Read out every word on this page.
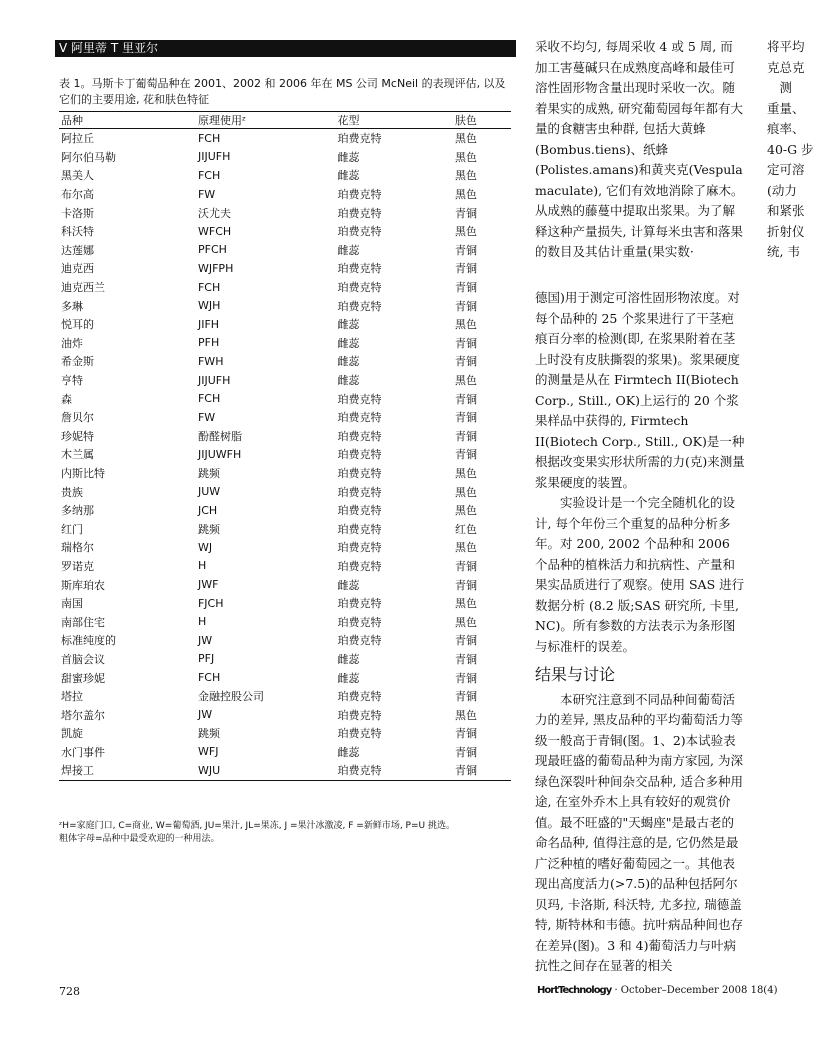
V 阿里蒂 T 里亚尔
表 1。马斯卡丁葡萄品种在 2001、2002 和 2006 年在 MS 公司 McNeil 的表现评估, 以及它们的主要用途, 花和肤色特征
品种	原理使用ᶻ	花型	肤色
阿拉丘	FCH	珀费克特	黑色
阿尔伯马勒	JIJUFH	雌蕊	黑色
黑美人	FCH	雌蕊	黑色
布尔高	FW	珀费克特	黑色
卡洛斯	沃尤夫	珀费克特	青铜
科沃特	WFCH	珀费克特	黑色
达莲娜	PFCH	雌蕊	青铜
迪克西	WJFPH	珀费克特	青铜
迪克西兰	FCH	珀费克特	青铜
多琳	WJH	珀费克特	青铜
悦耳的	JIFH	雌蕊	黑色
油炸	PFH	雌蕊	青铜
希金斯	FWH	雌蕊	青铜
亨特	JIJUFH	雌蕊	黑色
森	FCH	珀费克特	青铜
詹贝尔	FW	珀费克特	青铜
珍妮特	酚醛树脂	珀费克特	青铜
木兰属	JIJUWFH	珀费克特	青铜
内斯比特	跳频	珀费克特	黑色
贵族	JUW	珀费克特	黑色
多纳那	JCH	珀费克特	黑色
红门	跳频	珀费克特	红色
瑞格尔	WJ	珀费克特	黑色
罗诺克	H	珀费克特	青铜
斯库珀农	JWF	雌蕊	青铜
南国	FJCH	珀费克特	黑色
南部住宅	H	珀费克特	黑色
标准纯度的	JW	珀费克特	青铜
首脑会议	PFJ	雌蕊	青铜
甜蜜珍妮	FCH	雌蕊	青铜
塔拉	金融控股公司	珀费克特	青铜
塔尔盖尔	JW	珀费克特	黑色
凯旋	跳频	珀费克特	青铜
水门事件	WFJ	雌蕊	青铜
焊接工	WJU	珀费克特	青铜
ᶻH=家庭门口, C=商业, W=葡萄酒, JU=果汁, JL=果冻, J =果汁冰激凌, F =新鲜市场, P=U 挑选。
粗体字母=品种中最受欢迎的一种用法。

采收不均匀, 每周采收 4 或 5 周, 而加工害蔓碱只在成熟度高峰和最佳可溶性固形物含量出现时采收一次。随着果实的成熟, 研究葡萄园每年都有大量的食糖害虫种群, 包括大黄蜂(Bombus.tiens)、纸蜂(Polistes.amans)和黄夹克(Vespula maculate), 它们有效地消除了麻木。从成熟的藤蔓中提取出浆果。为了解释这种产量损失, 计算每米虫害和落果的数目及其估计重量(果实数·

德国)用于测定可溶性固形物浓度。对每个品种的 25 个浆果进行了干茎疤痕百分率的检测(即, 在浆果附着在茎上时没有皮肤撕裂的浆果)。浆果硬度的测量是从在 Firmtech II(Biotech Corp., Still., OK)上运行的 20 个浆果样品中获得的, Firmtech II(Biotech Corp., Still., OK)是一种根据改变果实形状所需的力(克)来测量浆果硬度的装置。

实验设计是一个完全随机化的设计, 每个年份三个重复的品种分析多年。对 200, 2002 个品种和 2006 个品种的植株活力和抗病性、产量和果实品质进行了观察。使用 SAS 进行数据分析 (8.2 版;SAS 研究所, 卡里, NC)。所有参数的方法表示为条形图与标准杆的误差。

结果与讨论

本研究注意到不同品种间葡萄活力的差异, 黑皮品种的平均葡萄活力等级一般高于青铜(图。1、2)本试验表现最旺盛的葡萄品种为南方家园, 为深绿色深裂叶种间杂交品种, 适合多种用途, 在室外乔木上具有较好的观赏价值。最不旺盛的"天蝎座"是最古老的命名品种, 值得注意的是, 它仍然是最广泛种植的嗜好葡萄园之一。其他表现出高度活力(>7.5)的品种包括阿尔贝玛, 卡洛斯, 科沃特, 尤多拉, 瑞德盖特, 斯特林和韦德。抗叶病品种间也存在差异(图)。3 和 4)葡萄活力与叶病抗性之间存在显著的相关

将平均
克总克
　测
重量、
痕率、
40-G 步
定可溶
(动力
和紧张
折射仪
统, 韦
728	HortTechnology · October–December 2008 18(4)
